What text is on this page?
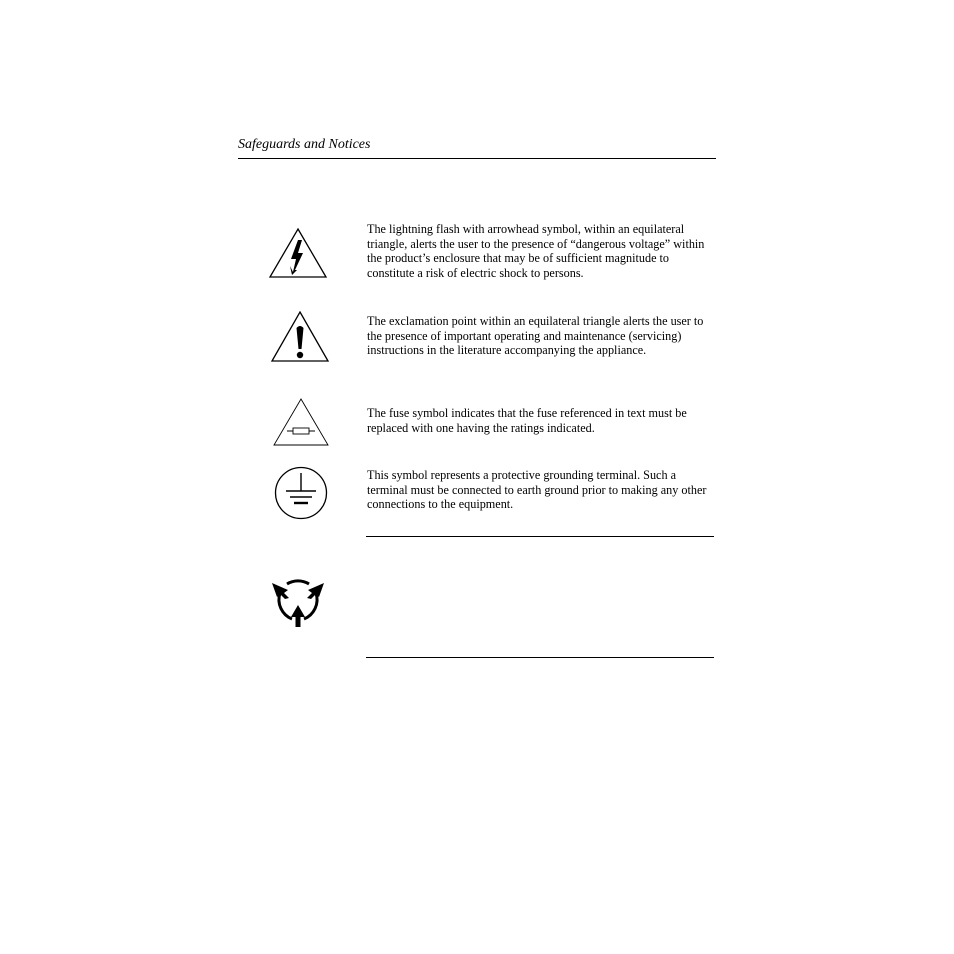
Safeguards and Notices
The lightning flash with arrowhead symbol, within an equilateral triangle, alerts the user to the presence of “dangerous voltage” within the product’s enclosure that may be of sufficient magnitude to constitute a risk of electric shock to persons.
The exclamation point within an equilateral triangle alerts the user to the presence of important operating and maintenance (servicing) instructions in the literature accompanying the appliance.
The fuse symbol indicates that the fuse referenced in text must be replaced with one having the ratings indicated.
This symbol represents a protective grounding terminal. Such a terminal must be connected to earth ground prior to making any other connections to the equipment.
